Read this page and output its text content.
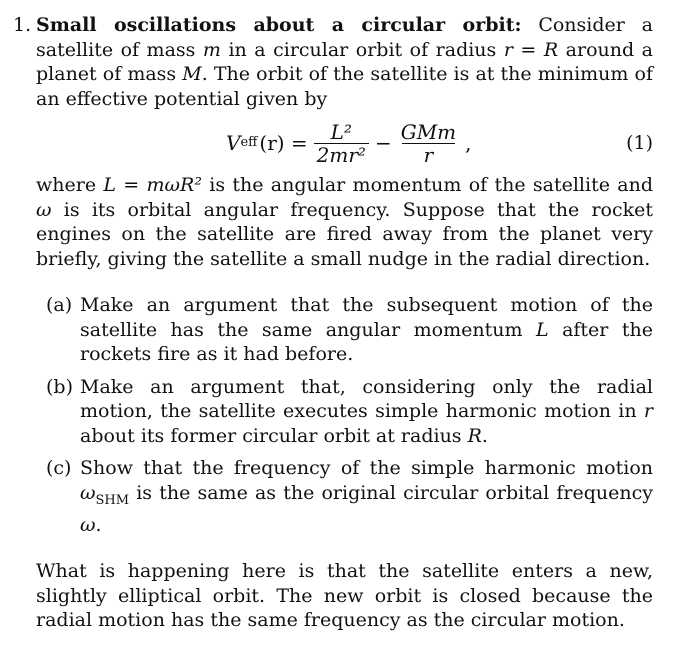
1. Small oscillations about a circular orbit: Consider a satellite of mass m in a circular orbit of radius r = R around a planet of mass M. The orbit of the satellite is at the minimum of an effective potential given by

V eff $(r) = \frac{\text{L²}}{\text{2mr²}} - \frac{\text{GMm}}{r}$ ,	(1)

where L = mωR² is the angular momentum of the satellite and ω is its orbital angular frequency. Suppose that the rocket engines on the satellite are fired away from the planet very briefly, giving the satellite a small nudge in the radial direction.

(a) Make an argument that the subsequent motion of the satellite has the same angular momentum L after the rockets fire as it had before.
(b) Make an argument that, considering only the radial motion, the satellite executes simple harmonic motion in r about its former circular orbit at radius R.
(c) Show that the frequency of the simple harmonic motion $\omega_{SHM}$ is the same as the original circular orbital frequency ω.

What is happening here is that the satellite enters a new, slightly elliptical orbit. The new orbit is closed because the radial motion has the same frequency as the circular motion.
